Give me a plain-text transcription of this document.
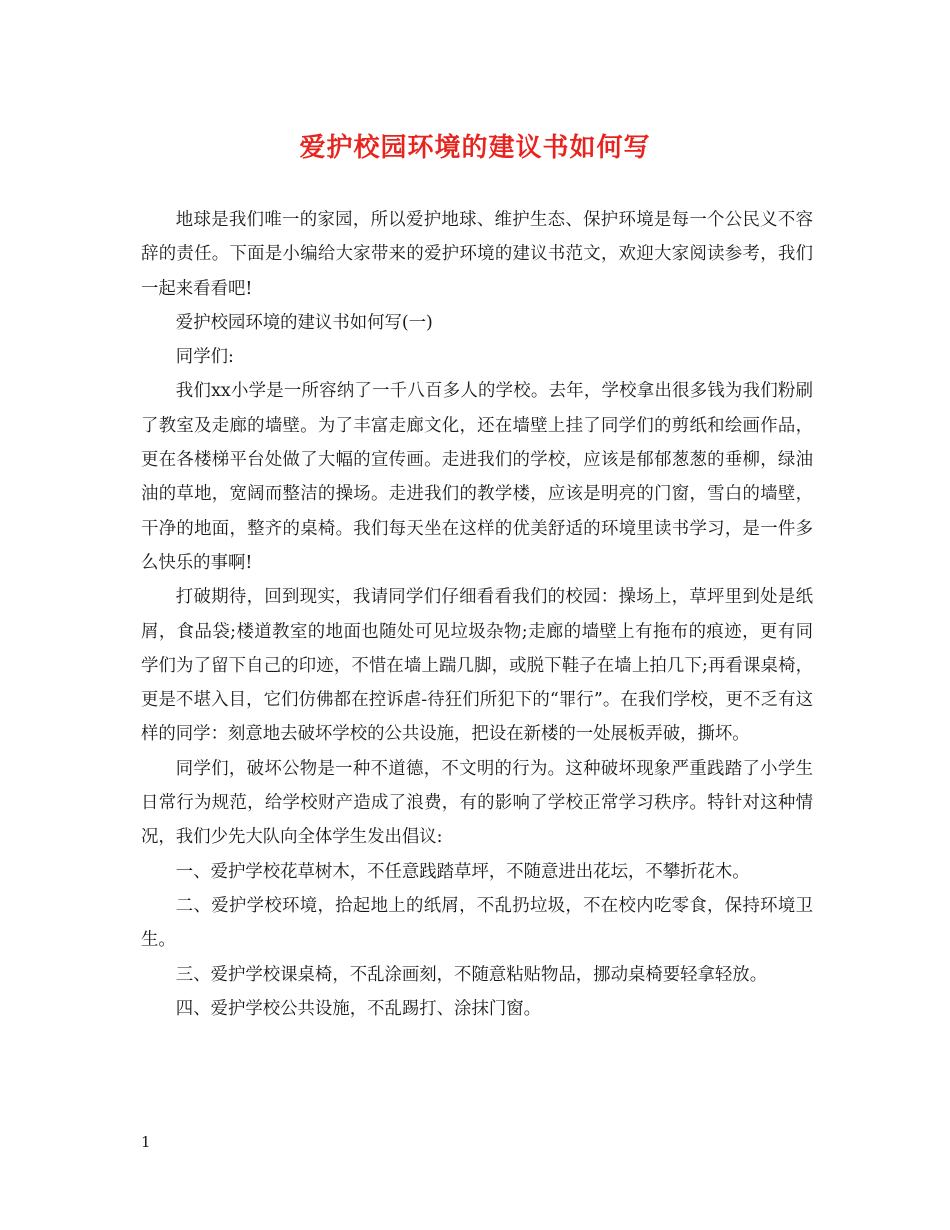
爱护校园环境的建议书如何写

地球是我们唯一的家园，所以爱护地球、维护生态、保护环境是每一个公民义不容辞的责任。下面是小编给大家带来的爱护环境的建议书范文，欢迎大家阅读参考，我们一起来看看吧!

爱护校园环境的建议书如何写(一)

同学们:

我们xx小学是一所容纳了一千八百多人的学校。去年，学校拿出很多钱为我们粉刷了教室及走廊的墙壁。为了丰富走廊文化，还在墙壁上挂了同学们的剪纸和绘画作品，更在各楼梯平台处做了大幅的宣传画。走进我们的学校，应该是郁郁葱葱的垂柳，绿油油的草地，宽阔而整洁的操场。走进我们的教学楼，应该是明亮的门窗，雪白的墙壁，干净的地面，整齐的桌椅。我们每天坐在这样的优美舒适的环境里读书学习，是一件多么快乐的事啊!

打破期待，回到现实，我请同学们仔细看看我们的校园：操场上，草坪里到处是纸屑，食品袋;楼道教室的地面也随处可见垃圾杂物;走廊的墙壁上有拖布的痕迹，更有同学们为了留下自己的印迹，不惜在墙上踹几脚，或脱下鞋子在墙上拍几下;再看课桌椅，更是不堪入目，它们仿佛都在控诉虐-待狂们所犯下的“罪行”。在我们学校，更不乏有这样的同学：刻意地去破坏学校的公共设施，把设在新楼的一处展板弄破，撕坏。

同学们，破坏公物是一种不道德，不文明的行为。这种破坏现象严重践踏了小学生日常行为规范，给学校财产造成了浪费，有的影响了学校正常学习秩序。特针对这种情况，我们少先大队向全体学生发出倡议:

一、爱护学校花草树木，不任意践踏草坪，不随意进出花坛，不攀折花木。

二、爱护学校环境，拾起地上的纸屑，不乱扔垃圾，不在校内吃零食，保持环境卫生。

三、爱护学校课桌椅，不乱涂画刻，不随意粘贴物品，挪动桌椅要轻拿轻放。

四、爱护学校公共设施，不乱踢打、涂抹门窗。

1
